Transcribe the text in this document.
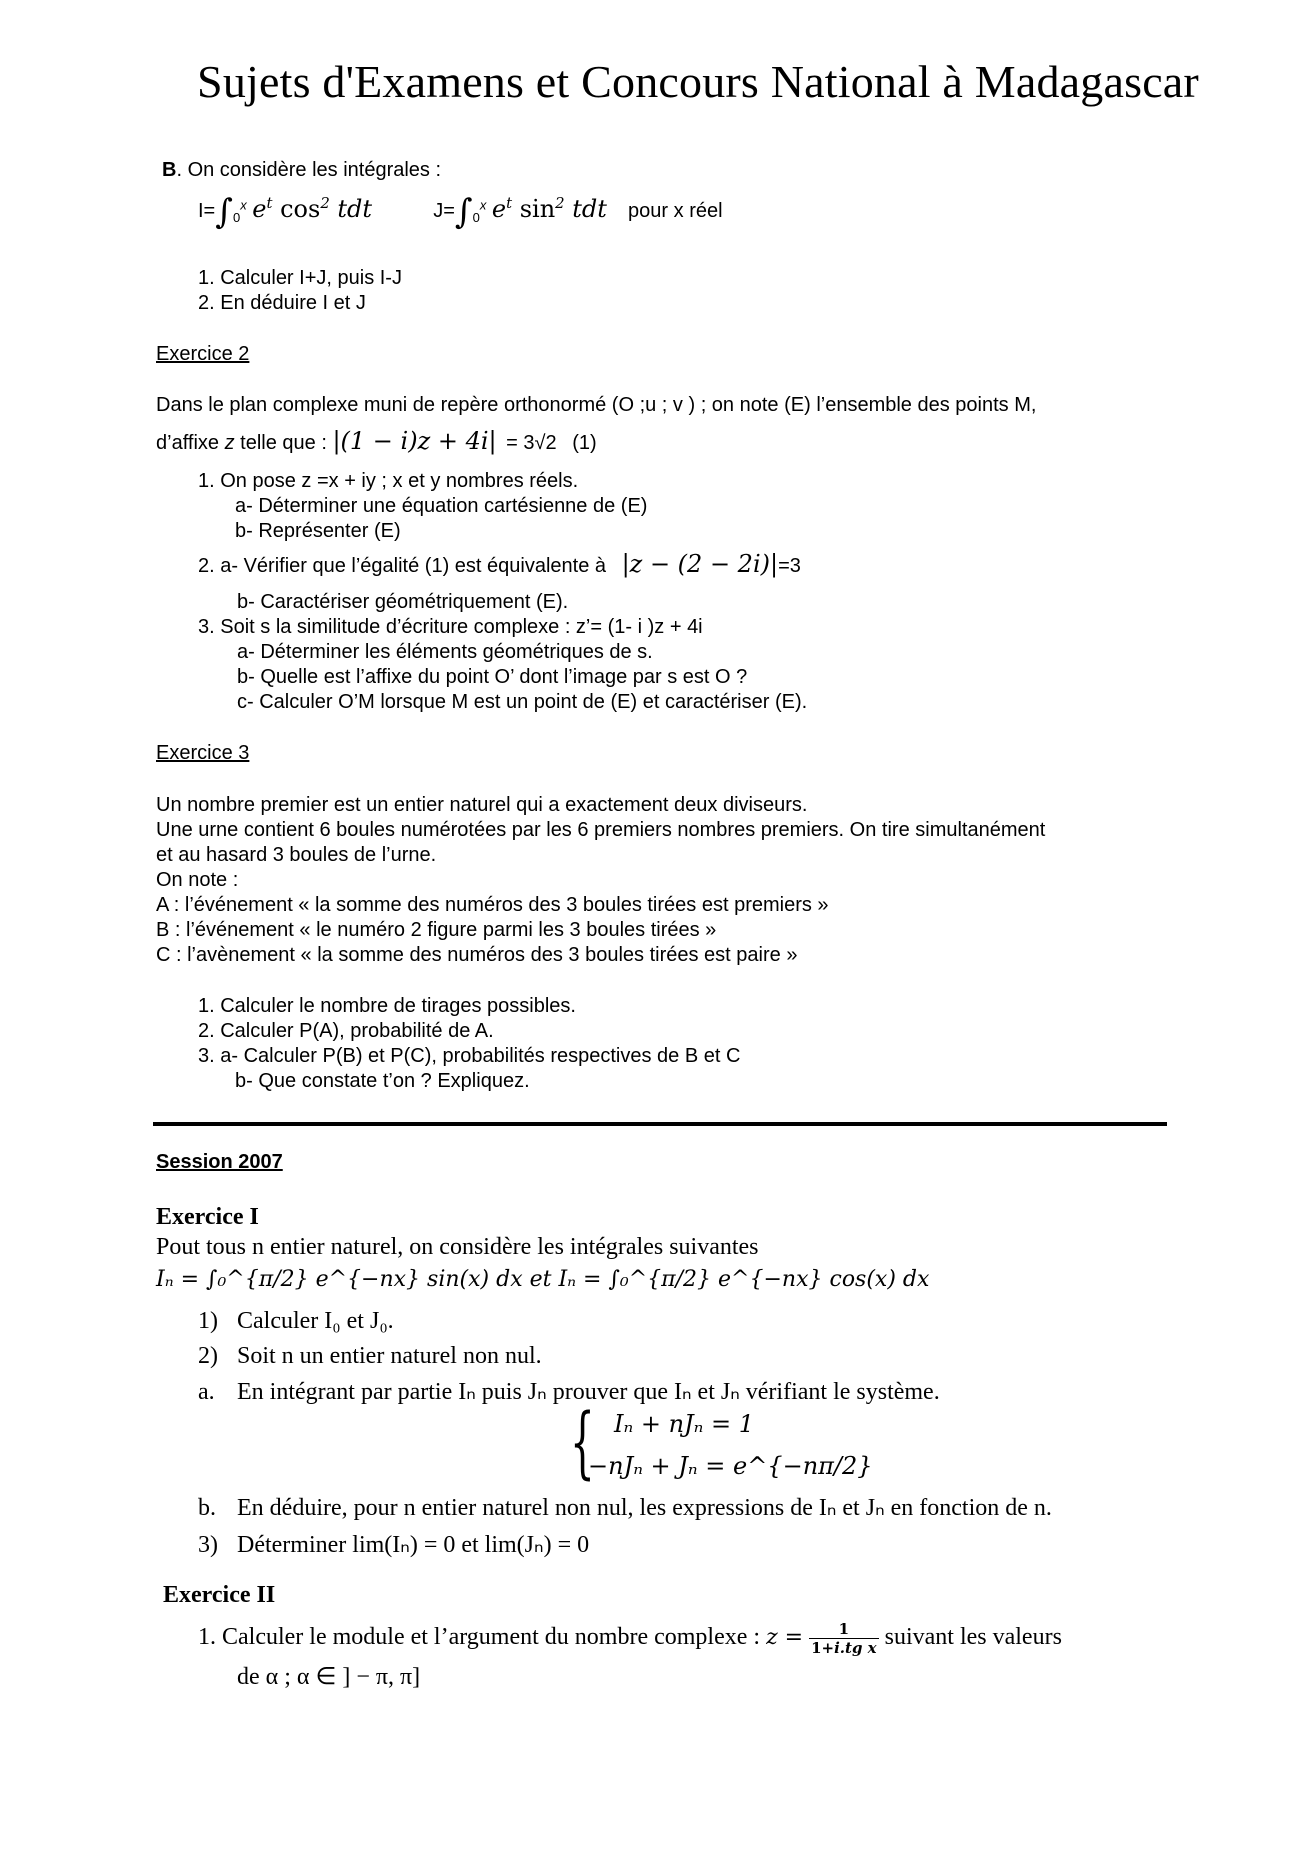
Sujets d'Examens et Concours National à Madagascar
B. On considère les intégrales :
$I=\int_0^x$ $e^t$ $\cos^2$ tdt	$J=\int_0^x$ $e^t$ $\sin^2$ tdt pour x réel
1. Calculer I+J, puis I-J
2. En déduire I et J
Exercice 2
Dans le plan complexe muni de repère orthonormé (O ;u ; v ) ; on note (E) l’ensemble des points M,
d’affixe z telle que : |(1 − i)z + 4i| = 3√2 (1)
1. On pose z =x + iy ; x et y nombres réels.
a- Déterminer une équation cartésienne de (E)
b- Représenter (E)
2. a- Vérifier que l’égalité (1) est équivalente à |z − (2 − 2i)|=3
b- Caractériser géométriquement (E).
3. Soit s la similitude d’écriture complexe : z’= (1- i )z + 4i
a- Déterminer les éléments géométriques de s.
b- Quelle est l’affixe du point O’ dont l’image par s est O ?
c- Calculer O’M lorsque M est un point de (E) et caractériser (E).
Exercice 3
Un nombre premier est un entier naturel qui a exactement deux diviseurs.
Une urne contient 6 boules numérotées par les 6 premiers nombres premiers. On tire simultanément
et au hasard 3 boules de l’urne.
On note :
A : l’événement « la somme des numéros des 3 boules tirées est premiers »
B : l’événement « le numéro 2 figure parmi les 3 boules tirées »
C : l’avènement « la somme des numéros des 3 boules tirées est paire »
1. Calculer le nombre de tirages possibles.
2. Calculer P(A), probabilité de A.
3. a- Calculer P(B) et P(C), probabilités respectives de B et C
b- Que constate t’on ? Expliquez.
Session 2007
Exercice I
Pout tous n entier naturel, on considère les intégrales suivantes
Iₙ = ∫₀^{π/2} e^{−nx} sin(x) dx et Iₙ = ∫₀^{π/2} e^{−nx} cos(x) dx
1) Calculer I₀ et J₀.
2) Soit n un entier naturel non nul.
a. En intégrant par partie Iₙ puis Jₙ prouver que Iₙ et Jₙ vérifiant le système.
{ Iₙ + nJₙ = 1
−nJₙ + Jₙ = e^{−nπ/2}
b. En déduire, pour n entier naturel non nul, les expressions de Iₙ et Jₙ en fonction de n.
3) Déterminer lim(Iₙ) = 0 et lim(Jₙ) = 0
Exercice II
1. Calculer le module et l’argument du nombre complexe : $z = \frac{1}{\text{1+i.tg x}}$ suivant les valeurs
de α ; α ∈ ] − π, π]
